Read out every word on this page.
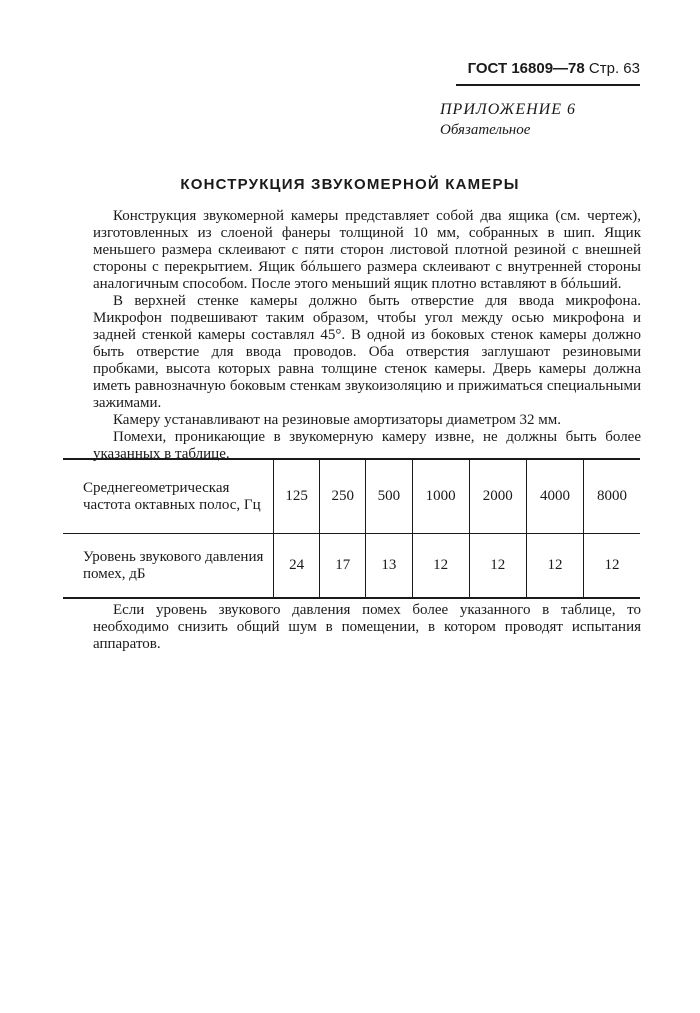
ГОСТ 16809—78 Стр. 63
ПРИЛОЖЕНИЕ 6
Обязательное
КОНСТРУКЦИЯ ЗВУКОМЕРНОЙ КАМЕРЫ

Конструкция звукомерной камеры представляет собой два ящика (см. чертеж), изготовленных из слоеной фанеры толщиной 10 мм, собранных в шип. Ящик меньшего размера склеивают с пяти сторон листовой плотной резиной с внешней стороны с перекрытием. Ящик бóльшего размера склеивают с внутренней стороны аналогичным способом. После этого меньший ящик плотно вставляют в бóльший.

В верхней стенке камеры должно быть отверстие для ввода микрофона. Микрофон подвешивают таким образом, чтобы угол между осью микрофона и задней стенкой камеры составлял 45°. В одной из боковых стенок камеры должно быть отверстие для ввода проводов. Оба отверстия заглушают резиновыми пробками, высота которых равна толщине стенок камеры. Дверь камеры должна иметь равнозначную боковым стенкам звукоизоляцию и прижиматься специальными зажимами.

Камеру устанавливают на резиновые амортизаторы диаметром 32 мм.

Помехи, проникающие в звукомерную камеру извне, не должны быть более указанных в таблице.

Среднегеометрическая частота октавных полос, Гц	125	250	500	1000	2000	4000	8000
Уровень звукового давления помех, дБ	24	17	13	12	12	12	12

Если уровень звукового давления помех более указанного в таблице, то необходимо снизить общий шум в помещении, в котором проводят испытания аппаратов.
